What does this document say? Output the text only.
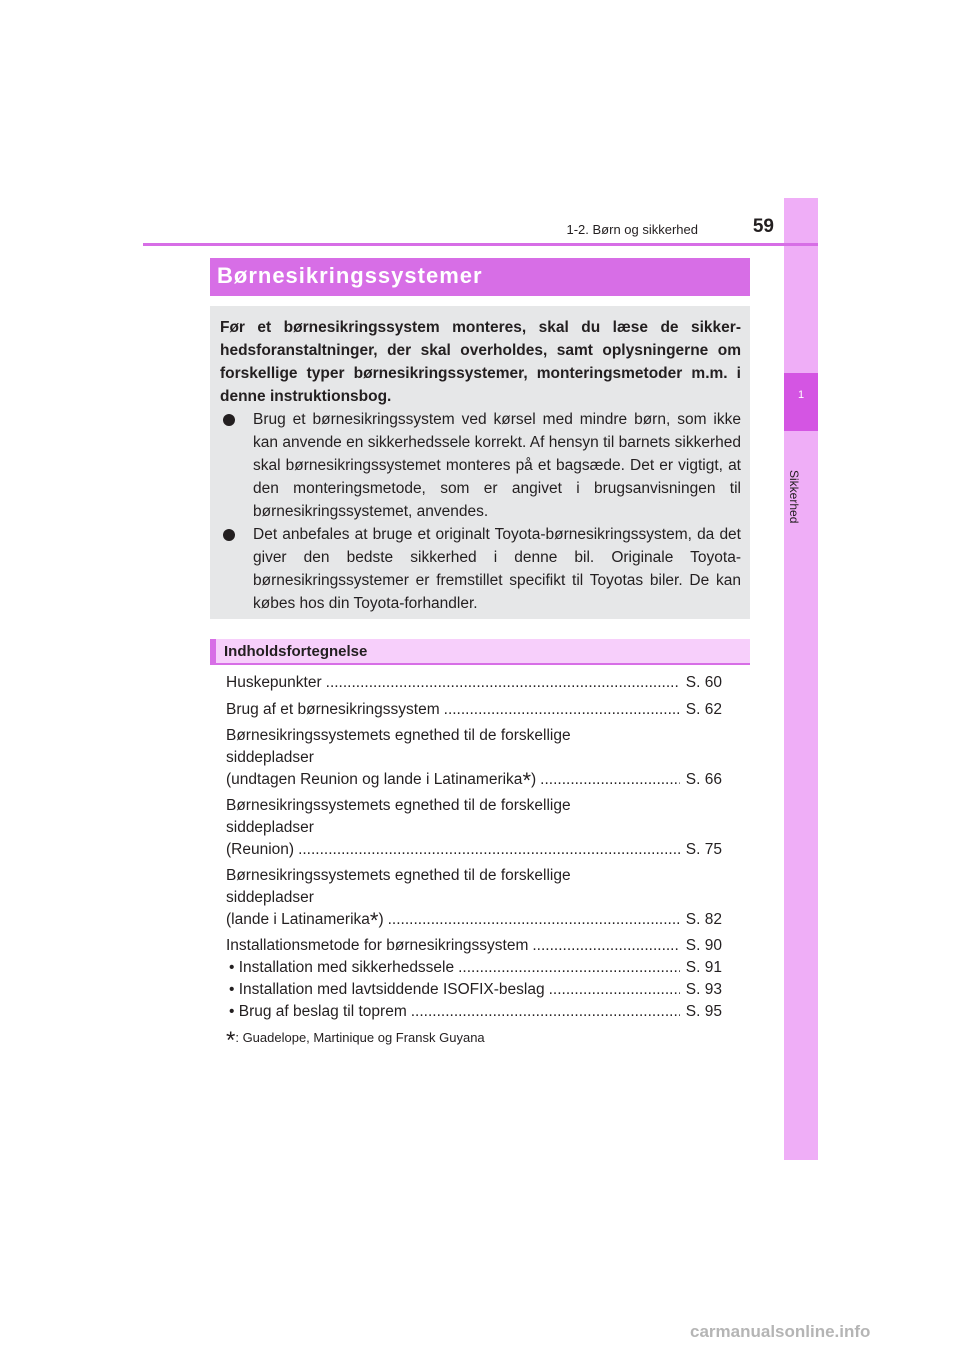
1
Sikkerhed
1-2. Børn og sikkerhed	59
Børnesikringssystemer

Før et børnesikringssystem monteres, skal du læse de sikkerhedsforanstaltninger, der skal overholdes, samt oplysningerne om forskellige typer børnesikringssystemer, monteringsmetoder m.m. i denne instruktionsbog.

Brug et børnesikringssystem ved kørsel med mindre børn, som ikke kan anvende en sikkerhedssele korrekt. Af hensyn til barnets sikkerhed skal børnesikringssystemet monteres på et bagsæde. Det er vigtigt, at den monteringsmetode, som er angivet i brugsanvisningen til børnesikringssystemet, anvendes.

Det anbefales at bruge et originalt Toyota-børnesikringssystem, da det giver den bedste sikkerhed i denne bil. Originale Toyota-børnesikringssystemer er fremstillet specifikt til Toyotas biler. De kan købes hos din Toyota-forhandler.

Indholdsfortegnelse
Huskepunkter .....	S. 60
Brug af et børnesikringssystem .....	S. 62
Børnesikringssystemets egnethed til de forskellige
siddepladser
(undtagen Reunion og lande i Latinamerika*) .....	S. 66
Børnesikringssystemets egnethed til de forskellige
siddepladser
(Reunion) .....	S. 75
Børnesikringssystemets egnethed til de forskellige
siddepladser
(lande i Latinamerika*) .....	S. 82
Installationsmetode for børnesikringssystem .....	S. 90
• Installation med sikkerhedssele .....	S. 91
• Installation med lavtsiddende ISOFIX-beslag .....	S. 93
• Brug af beslag til toprem .....	S. 95
*: Guadelope, Martinique og Fransk Guyana
carmanualsonline.info
